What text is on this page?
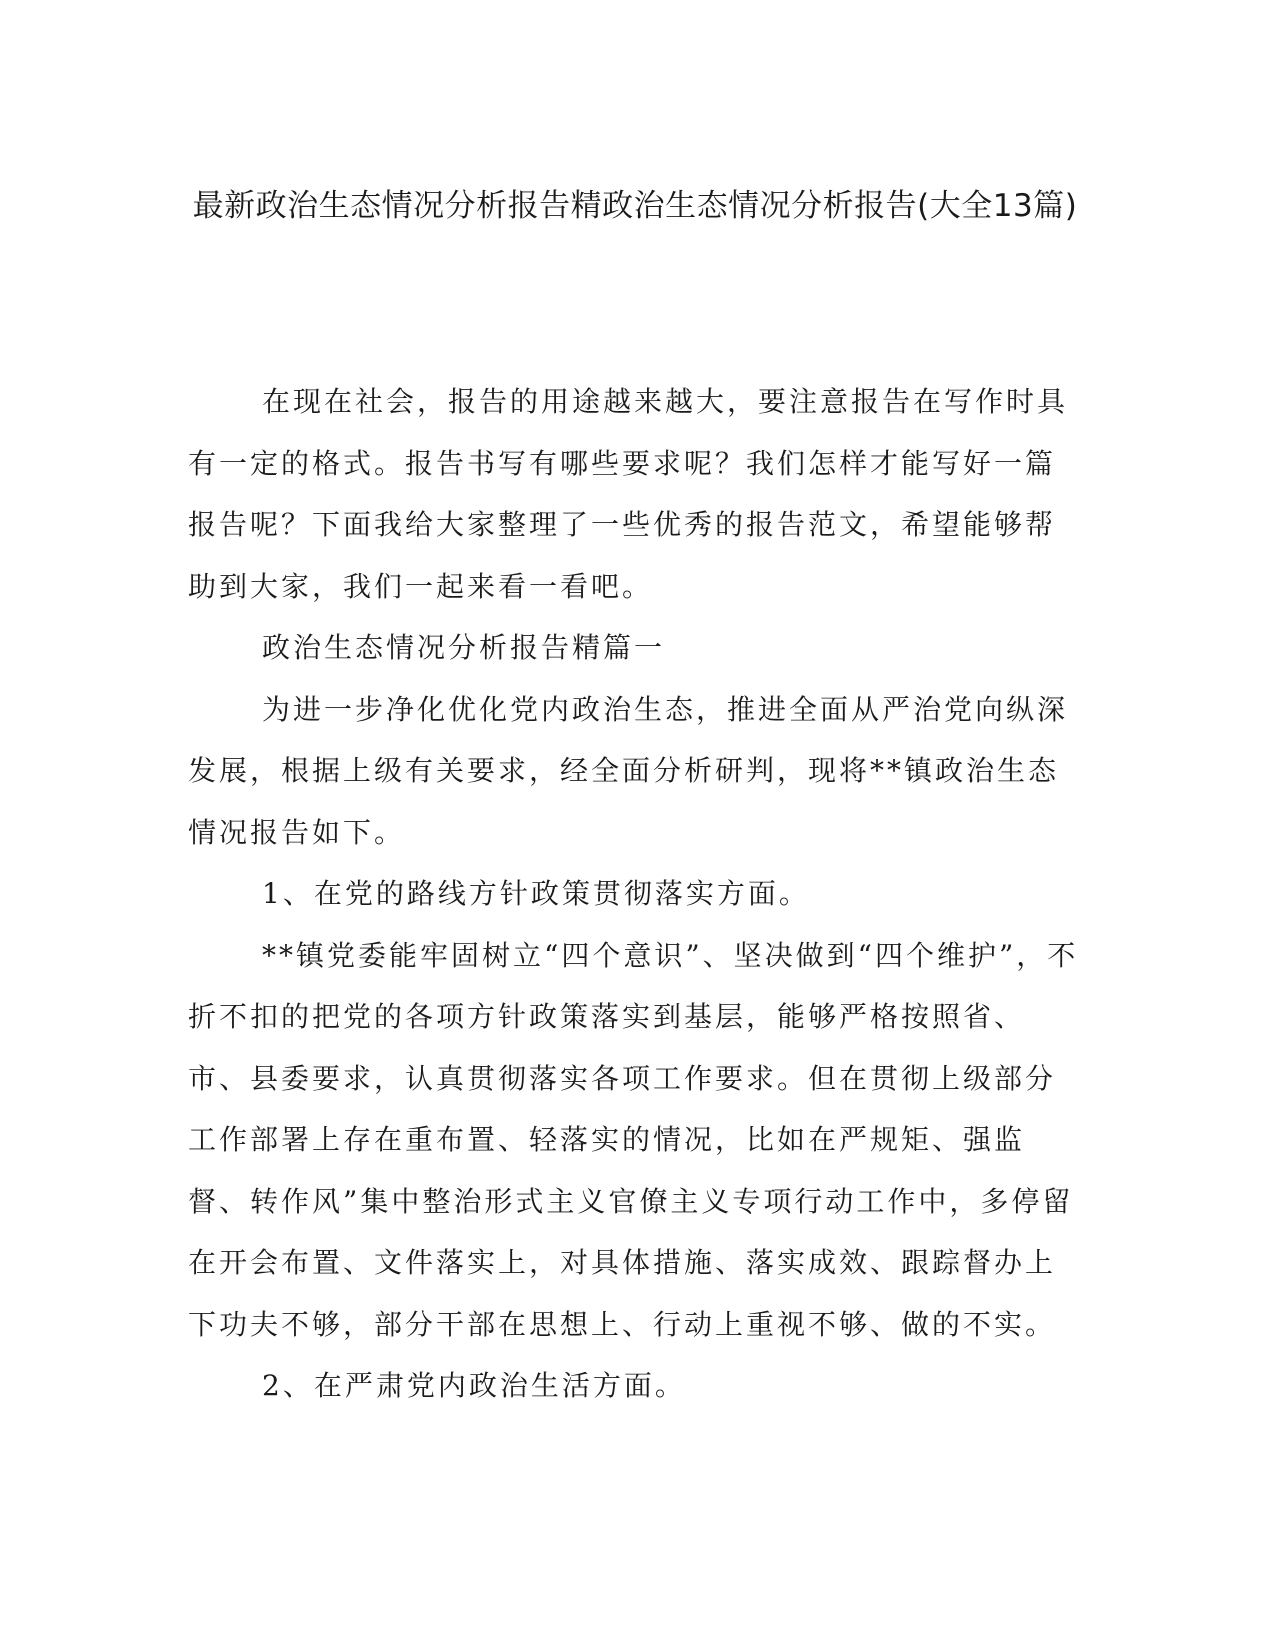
最新政治生态情况分析报告精政治生态情况分析报告(大全13篇)

在现在社会，报告的用途越来越大，要注意报告在写作时具有一定的格式。报告书写有哪些要求呢？我们怎样才能写好一篇报告呢？下面我给大家整理了一些优秀的报告范文，希望能够帮助到大家，我们一起来看一看吧。

政治生态情况分析报告精篇一

为进一步净化优化党内政治生态，推进全面从严治党向纵深发展，根据上级有关要求，经全面分析研判，现将**镇政治生态情况报告如下。

1、在党的路线方针政策贯彻落实方面。

**镇党委能牢固树立“四个意识”、坚决做到“四个维护”，不折不扣的把党的各项方针政策落实到基层，能够严格按照省、市、县委要求，认真贯彻落实各项工作要求。但在贯彻上级部分工作部署上存在重布置、轻落实的情况，比如在严规矩、强监督、转作风”集中整治形式主义官僚主义专项行动工作中，多停留在开会布置、文件落实上，对具体措施、落实成效、跟踪督办上下功夫不够，部分干部在思想上、行动上重视不够、做的不实。

2、在严肃党内政治生活方面。
